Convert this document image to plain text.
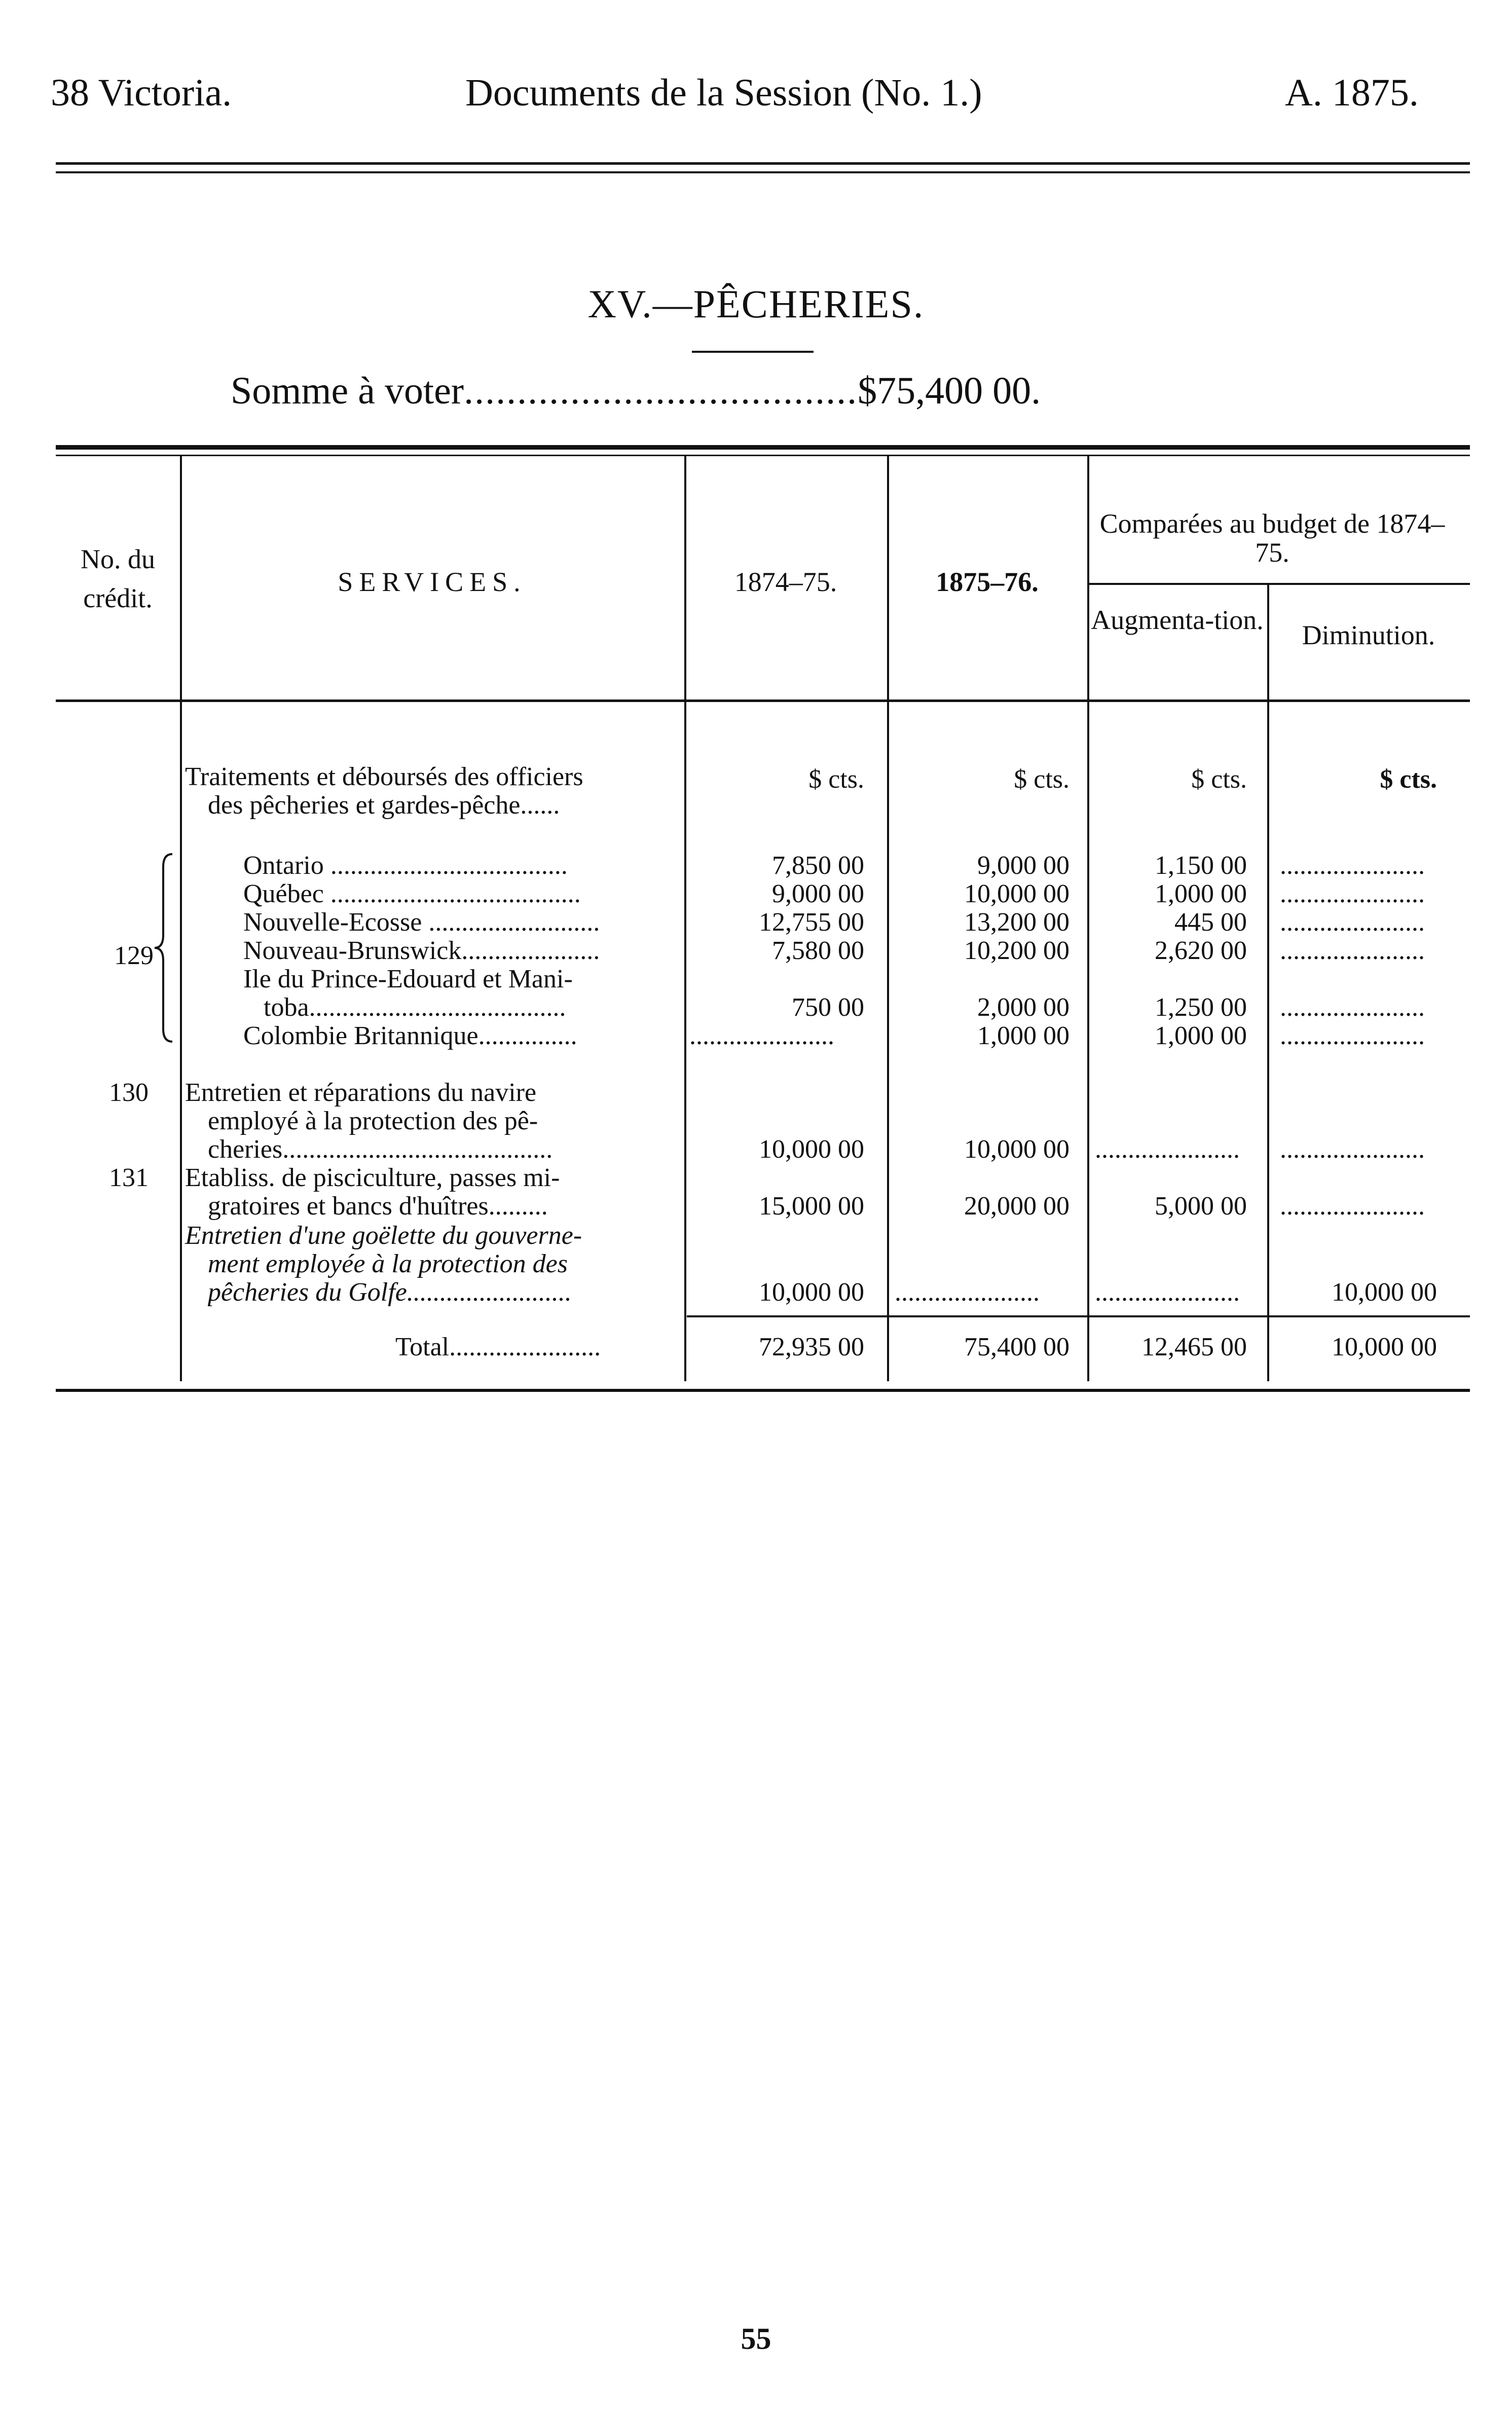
38 Victoria.	Documents de la Session (No. 1.)	A. 1875.
XV.—PÊCHERIES.
Somme à voter.....................................$75,400 00.
No. du
crédit.
SERVICES.	1874–75.	1875–76.
Comparées au budget de 1874–75.
Augmenta-tion.	Diminution.
Traitements et déboursés des officiers
des pêcheries et gardes-pêche......
$ cts.	$ cts.	$ cts.	$ cts.
129
Ontario ....................................	7,850 00	9,000 00	1,150 00 ......................
Québec ......................................	9,000 00	10,000 00	1,000 00 ......................
Nouvelle-Ecosse ..........................	12,755 00	13,200 00	445 00 ......................
Nouveau-Brunswick.....................	7,580 00	10,200 00	2,620 00 ......................
Ile du Prince-Edouard et Mani-
toba.......................................	750 00	2,000 00	1,250 00 ......................
Colombie Britannique...............	......................	1,000 00	1,000 00 ......................
130 Entretien et réparations du navire
employé à la protection des pê-
cheries.........................................	10,000 00	10,000 00 ......................	......................
131 Etabliss. de pisciculture, passes mi-
gratoires et bancs d'huîtres.........	15,000 00	20,000 00	5,000 00 ......................
Entretien d'une goëlette du gouverne-
ment employée à la protection des
pêcheries du Golfe.........................	10,000 00 ......................	......................	10,000 00
Total.......................	72,935 00	75,400 00	12,465 00	10,000 00
55
